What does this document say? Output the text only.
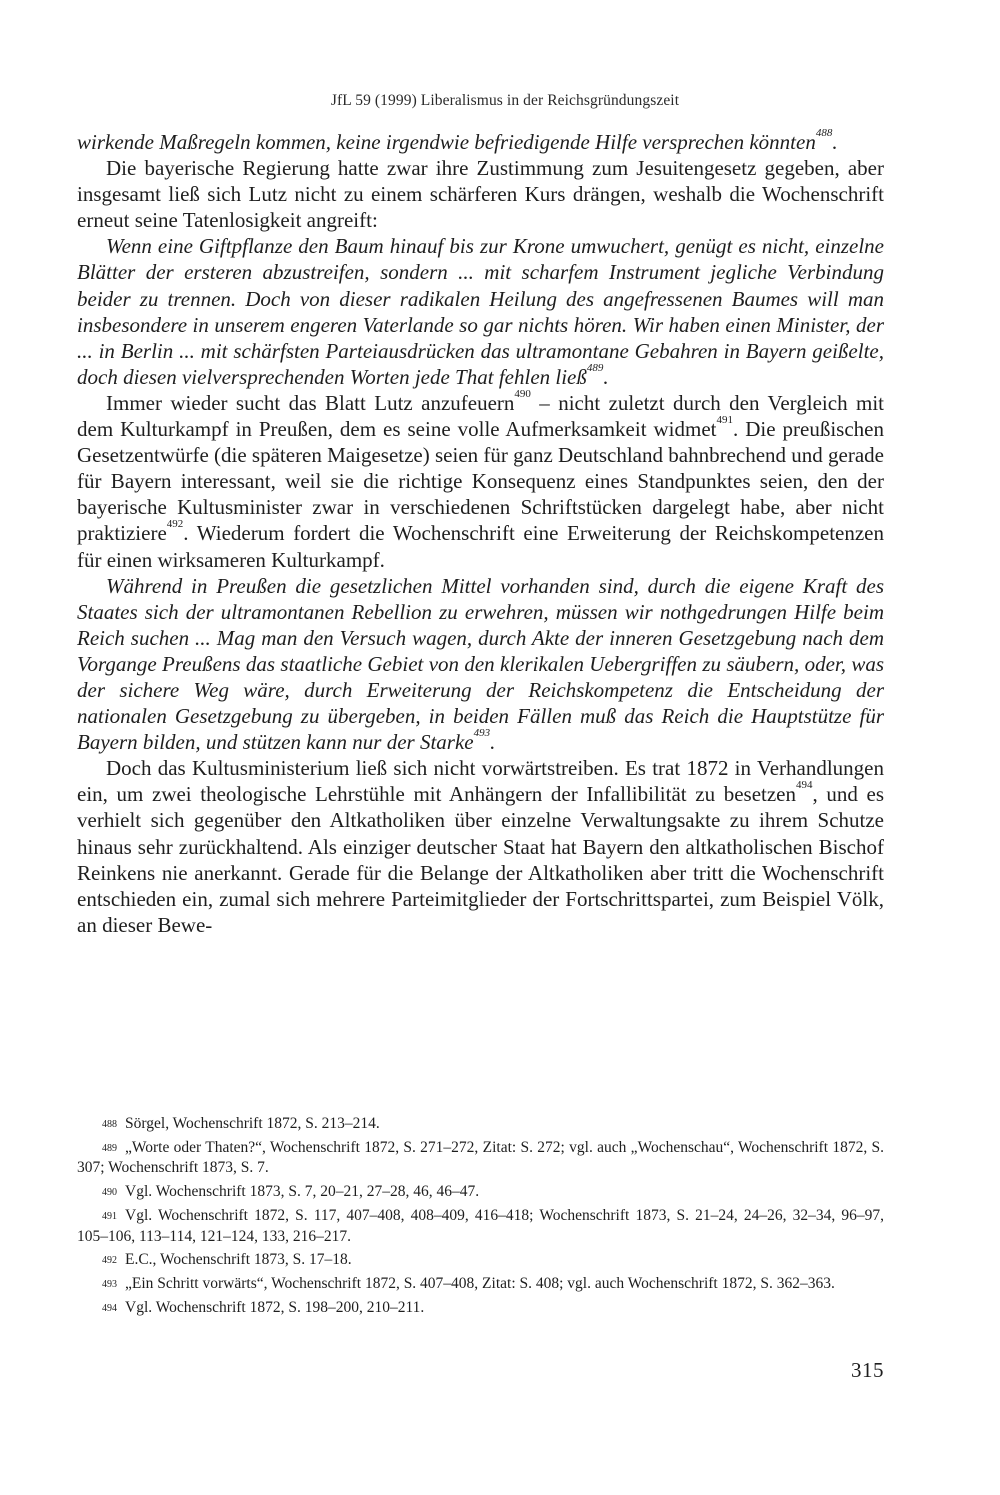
JfL 59 (1999) Liberalismus in der Reichsgründungszeit

wirkende Maßregeln kommen, keine irgendwie befriedigende Hilfe versprechen könnten$^{488}$.

Die bayerische Regierung hatte zwar ihre Zustimmung zum Jesuitengesetz gegeben, aber insgesamt ließ sich Lutz nicht zu einem schärferen Kurs drängen, weshalb die Wochenschrift erneut seine Tatenlosigkeit angreift:

Wenn eine Giftpflanze den Baum hinauf bis zur Krone umwuchert, genügt es nicht, einzelne Blätter der ersteren abzustreifen, sondern ... mit scharfem Instrument jegliche Verbindung beider zu trennen. Doch von dieser radikalen Heilung des angefressenen Baumes will man insbesondere in unserem engeren Vaterlande so gar nichts hören. Wir haben einen Minister, der ... in Berlin ... mit schärfsten Parteiausdrücken das ultramontane Gebahren in Bayern geißelte, doch diesen vielversprechenden Worten jede That fehlen ließ$^{489}$.

Immer wieder sucht das Blatt Lutz anzufeuern$^{490}$ – nicht zuletzt durch den Vergleich mit dem Kulturkampf in Preußen, dem es seine volle Aufmerksamkeit widmet$^{491}$. Die preußischen Gesetzentwürfe (die späteren Maigesetze) seien für ganz Deutschland bahnbrechend und gerade für Bayern interessant, weil sie die richtige Konsequenz eines Standpunktes seien, den der bayerische Kultusminister zwar in verschiedenen Schriftstücken dargelegt habe, aber nicht praktiziere$^{492}$. Wiederum fordert die Wochenschrift eine Erweiterung der Reichskompetenzen für einen wirksameren Kulturkampf.

Während in Preußen die gesetzlichen Mittel vorhanden sind, durch die eigene Kraft des Staates sich der ultramontanen Rebellion zu erwehren, müssen wir nothgedrungen Hilfe beim Reich suchen ... Mag man den Versuch wagen, durch Akte der inneren Gesetzgebung nach dem Vorgange Preußens das staatliche Gebiet von den klerikalen Uebergriffen zu säubern, oder, was der sichere Weg wäre, durch Erweiterung der Reichskompetenz die Entscheidung der nationalen Gesetzgebung zu übergeben, in beiden Fällen muß das Reich die Hauptstütze für Bayern bilden, und stützen kann nur der Starke$^{493}$.

Doch das Kultusministerium ließ sich nicht vorwärtstreiben. Es trat 1872 in Verhandlungen ein, um zwei theologische Lehrstühle mit Anhängern der Infallibilität zu besetzen$^{494}$, und es verhielt sich gegenüber den Altkatholiken über einzelne Verwaltungsakte zu ihrem Schutze hinaus sehr zurückhaltend. Als einziger deutscher Staat hat Bayern den altkatholischen Bischof Reinkens nie anerkannt. Gerade für die Belange der Altkatholiken aber tritt die Wochenschrift entschieden ein, zumal sich mehrere Parteimitglieder der Fortschrittspartei, zum Beispiel Völk, an dieser Bewe-

$^{488}$ Sörgel, Wochenschrift 1872, S. 213–214.

$^{489}$ „Worte oder Thaten?“, Wochenschrift 1872, S. 271–272, Zitat: S. 272; vgl. auch „Wochenschau“, Wochenschrift 1872, S. 307; Wochenschrift 1873, S. 7.

$^{490}$ Vgl. Wochenschrift 1873, S. 7, 20–21, 27–28, 46, 46–47.

$^{491}$ Vgl. Wochenschrift 1872, S. 117, 407–408, 408–409, 416–418; Wochenschrift 1873, S. 21–24, 24–26, 32–34, 96–97, 105–106, 113–114, 121–124, 133, 216–217.

$^{492}$ E.C., Wochenschrift 1873, S. 17–18.

$^{493}$ „Ein Schritt vorwärts“, Wochenschrift 1872, S. 407–408, Zitat: S. 408; vgl. auch Wochenschrift 1872, S. 362–363.

$^{494}$ Vgl. Wochenschrift 1872, S. 198–200, 210–211.

315
